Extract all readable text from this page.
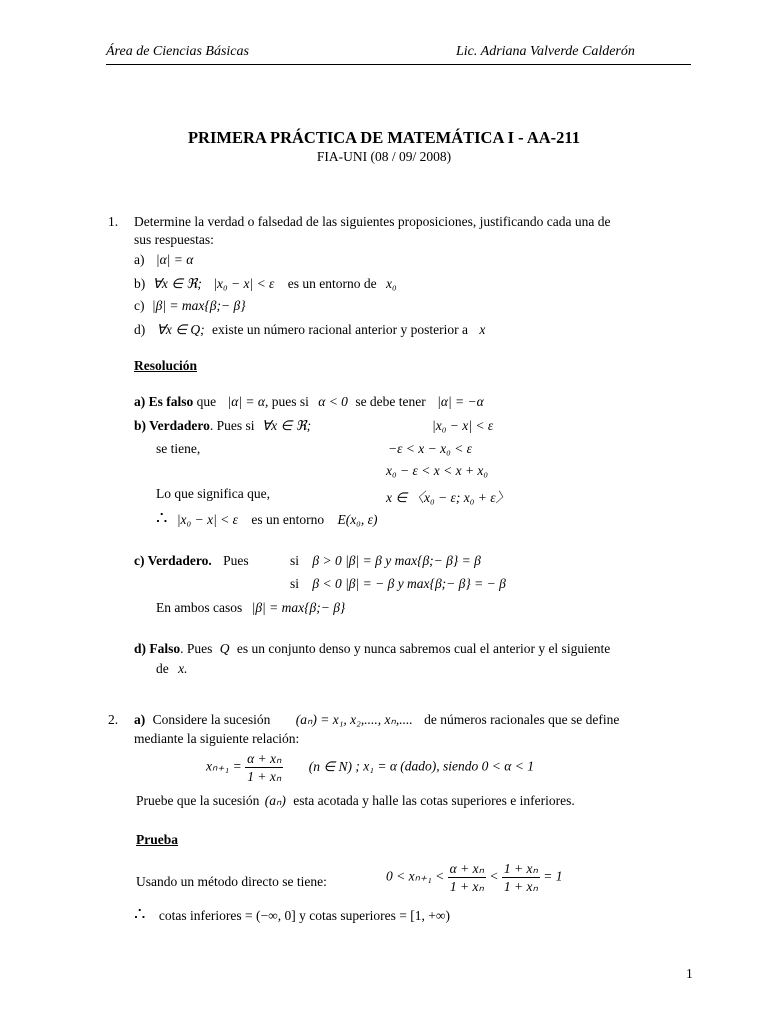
Área de Ciencias Básicas	Lic. Adriana Valverde Calderón
PRIMERA PRÁCTICA DE MATEMÁTICA I - AA-211
FIA-UNI (08 / 09/ 2008)
1. Determine la verdad o falsedad de las siguientes proposiciones, justificando cada una de
sus respuestas:
a) |α| = α
b) ∀x ∈ ℜ; |x₀ − x| < ε es un entorno de x₀
c) |β| = max{β;− β}
d) ∀x ∈ Q; existe un número racional anterior y posterior a x
Resolución
a) Es falso que |α| = α, pues si α < 0 se debe tener |α| = −α
b) Verdadero. Pues si ∀x ∈ ℜ;	|x₀ − x| < ε
se tiene,	−ε < x − x₀ < ε
x₀ − ε < x < x + x₀
Lo que significa que,	x ∈ 〈x₀ − ε; x₀ + ε〉
∴ |x₀ − x| < ε es un entorno E(x₀, ε)
c) Verdadero. Pues	si β > 0 |β| = β y max{β;− β} = β
si β < 0 |β| = − β y max{β;− β} = − β
En ambos casos |β| = max{β;− β}
d) Falso. Pues Q es un conjunto denso y nunca sabremos cual el anterior y el siguiente
de x.
2. a) Considere la sucesión (aₙ) = x₁, x₂,...., xₙ,.... de números racionales que se define
mediante la siguiente relación:
$x_{n+1} = \frac{\text{α + xₙ}}{\text{1 + xₙ}} (n$ ∈ N) ; x₁ = α (dado), siendo 0 < α < 1
Pruebe que la sucesión (aₙ) esta acotada y halle las cotas superiores e inferiores.
Prueba
Usando un método directo se tiene:	$0 < x_{n+1} < \frac{\text{α + xₙ}}{\text{1 + xₙ}} < \frac{\text{1 + xₙ}}{\text{1 + xₙ}} = 1$
∴ cotas inferiores = (−∞, 0] y cotas superiores = [1, +∞)
1
